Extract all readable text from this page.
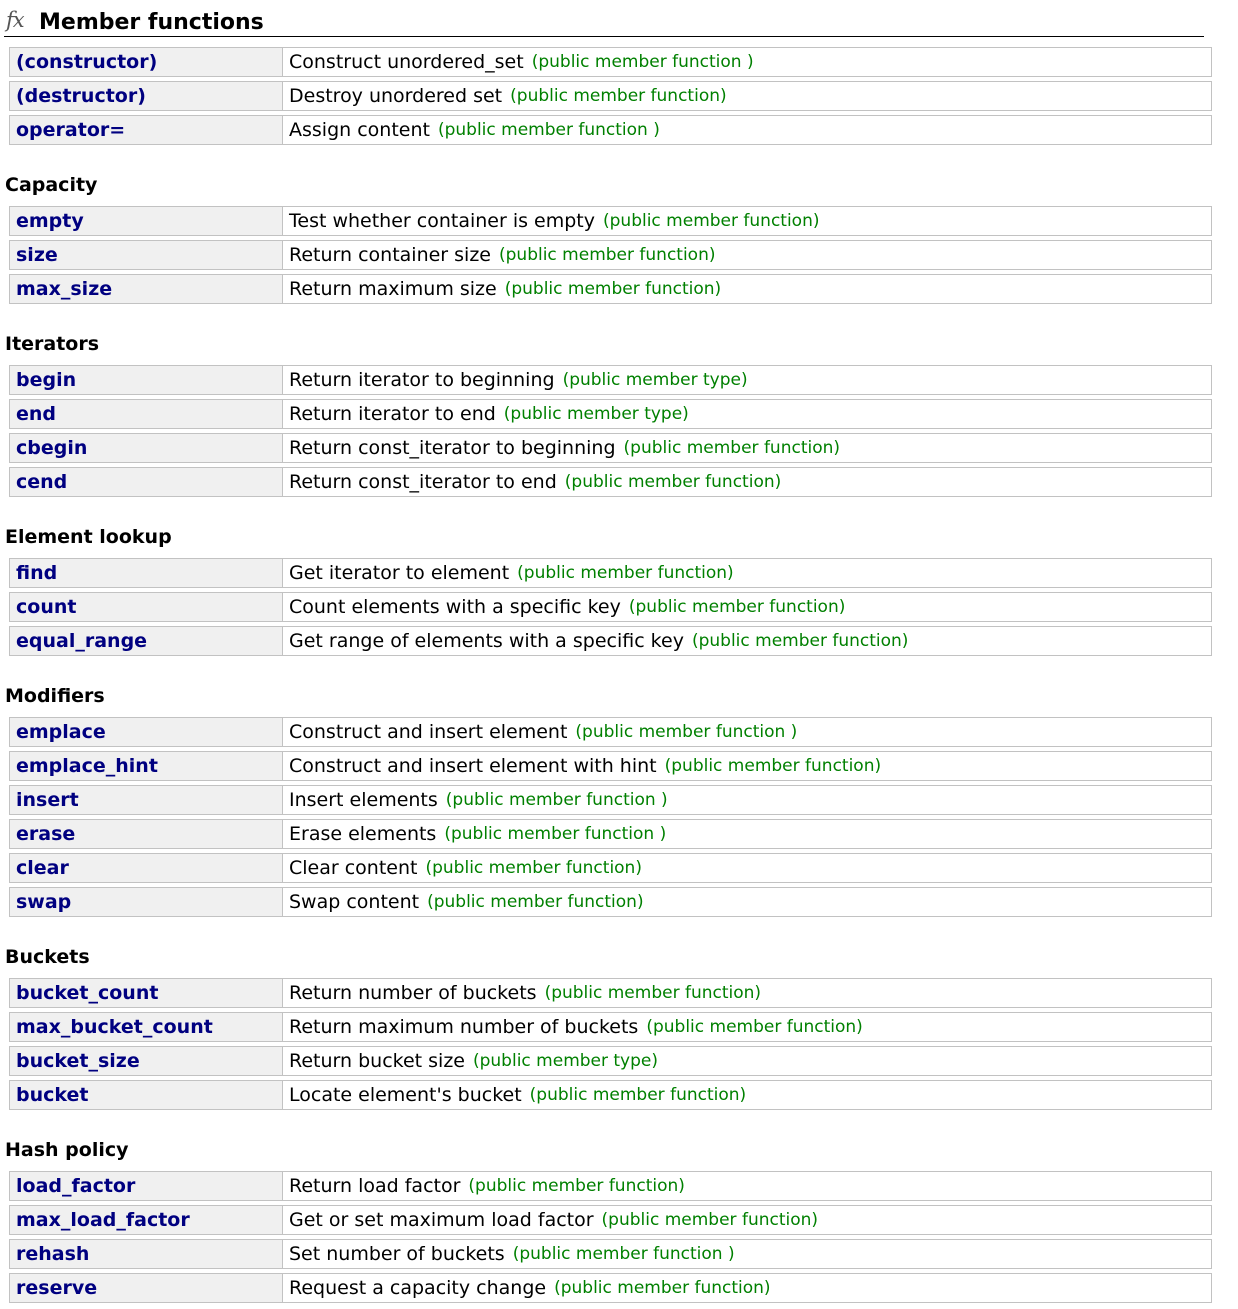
fx Member functions
(constructor)	Construct unordered_set (public member function )
(destructor)	Destroy unordered set (public member function)
operator=	Assign content (public member function )
Capacity
empty	Test whether container is empty (public member function)
size	Return container size (public member function)
max_size	Return maximum size (public member function)
Iterators
begin	Return iterator to beginning (public member type)
end	Return iterator to end (public member type)
cbegin	Return const_iterator to beginning (public member function)
cend	Return const_iterator to end (public member function)
Element lookup
find	Get iterator to element (public member function)
count	Count elements with a specific key (public member function)
equal_range	Get range of elements with a specific key (public member function)
Modifiers
emplace	Construct and insert element (public member function )
emplace_hint	Construct and insert element with hint (public member function)
insert	Insert elements (public member function )
erase	Erase elements (public member function )
clear	Clear content (public member function)
swap	Swap content (public member function)
Buckets
bucket_count	Return number of buckets (public member function)
max_bucket_count	Return maximum number of buckets (public member function)
bucket_size	Return bucket size (public member type)
bucket	Locate element's bucket (public member function)
Hash policy
load_factor	Return load factor (public member function)
max_load_factor	Get or set maximum load factor (public member function)
rehash	Set number of buckets (public member function )
reserve	Request a capacity change (public member function)
